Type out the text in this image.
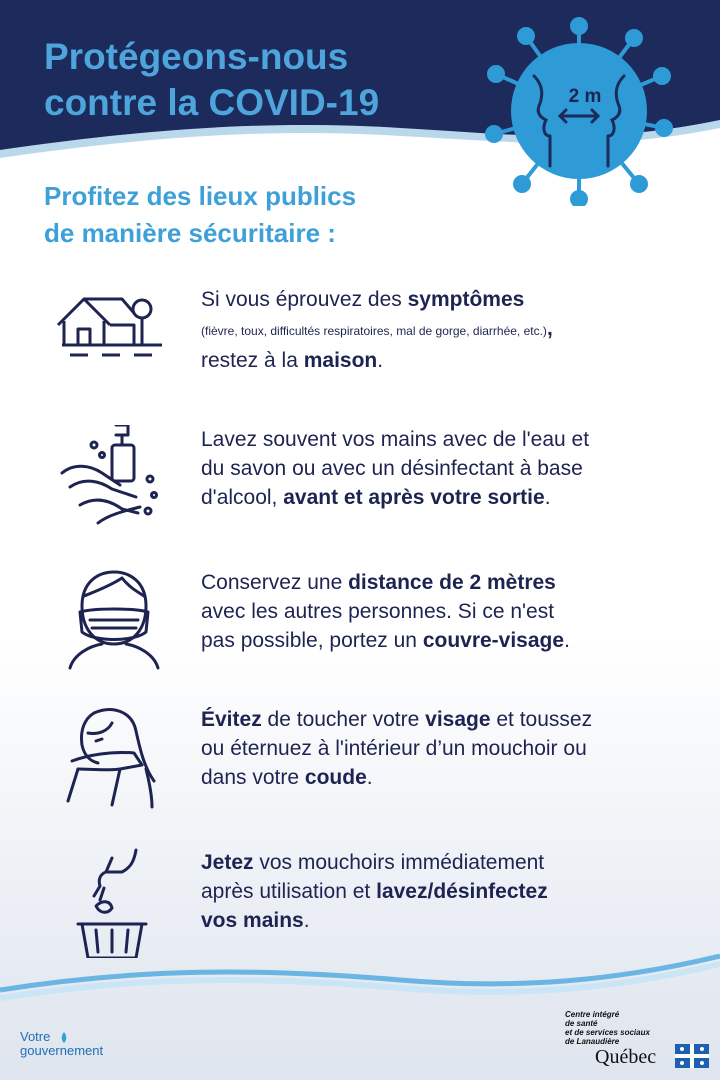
Protégeons-nous
contre la COVID-19	2 m
Profitez des lieux publics
de manière sécuritaire :
Si vous éprouvez des symptômes
(fièvre, toux, difficultés respiratoires, mal de gorge, diarrhée, etc.),
restez à la maison.
Lavez souvent vos mains avec de l'eau et
du savon ou avec un désinfectant à base
d'alcool, avant et après votre sortie.
Conservez une distance de 2 mètres
avec les autres personnes. Si ce n'est
pas possible, portez un couvre-visage.
Évitez de toucher votre visage et toussez
ou éternuez à l'intérieur d’un mouchoir ou
dans votre coude.
Jetez vos mouchoirs immédiatement
après utilisation et lavez/désinfectez
vos mains.
Votre
gouvernement
Centre intégré
de santé
et de services sociaux
de Lanaudière
Québec
